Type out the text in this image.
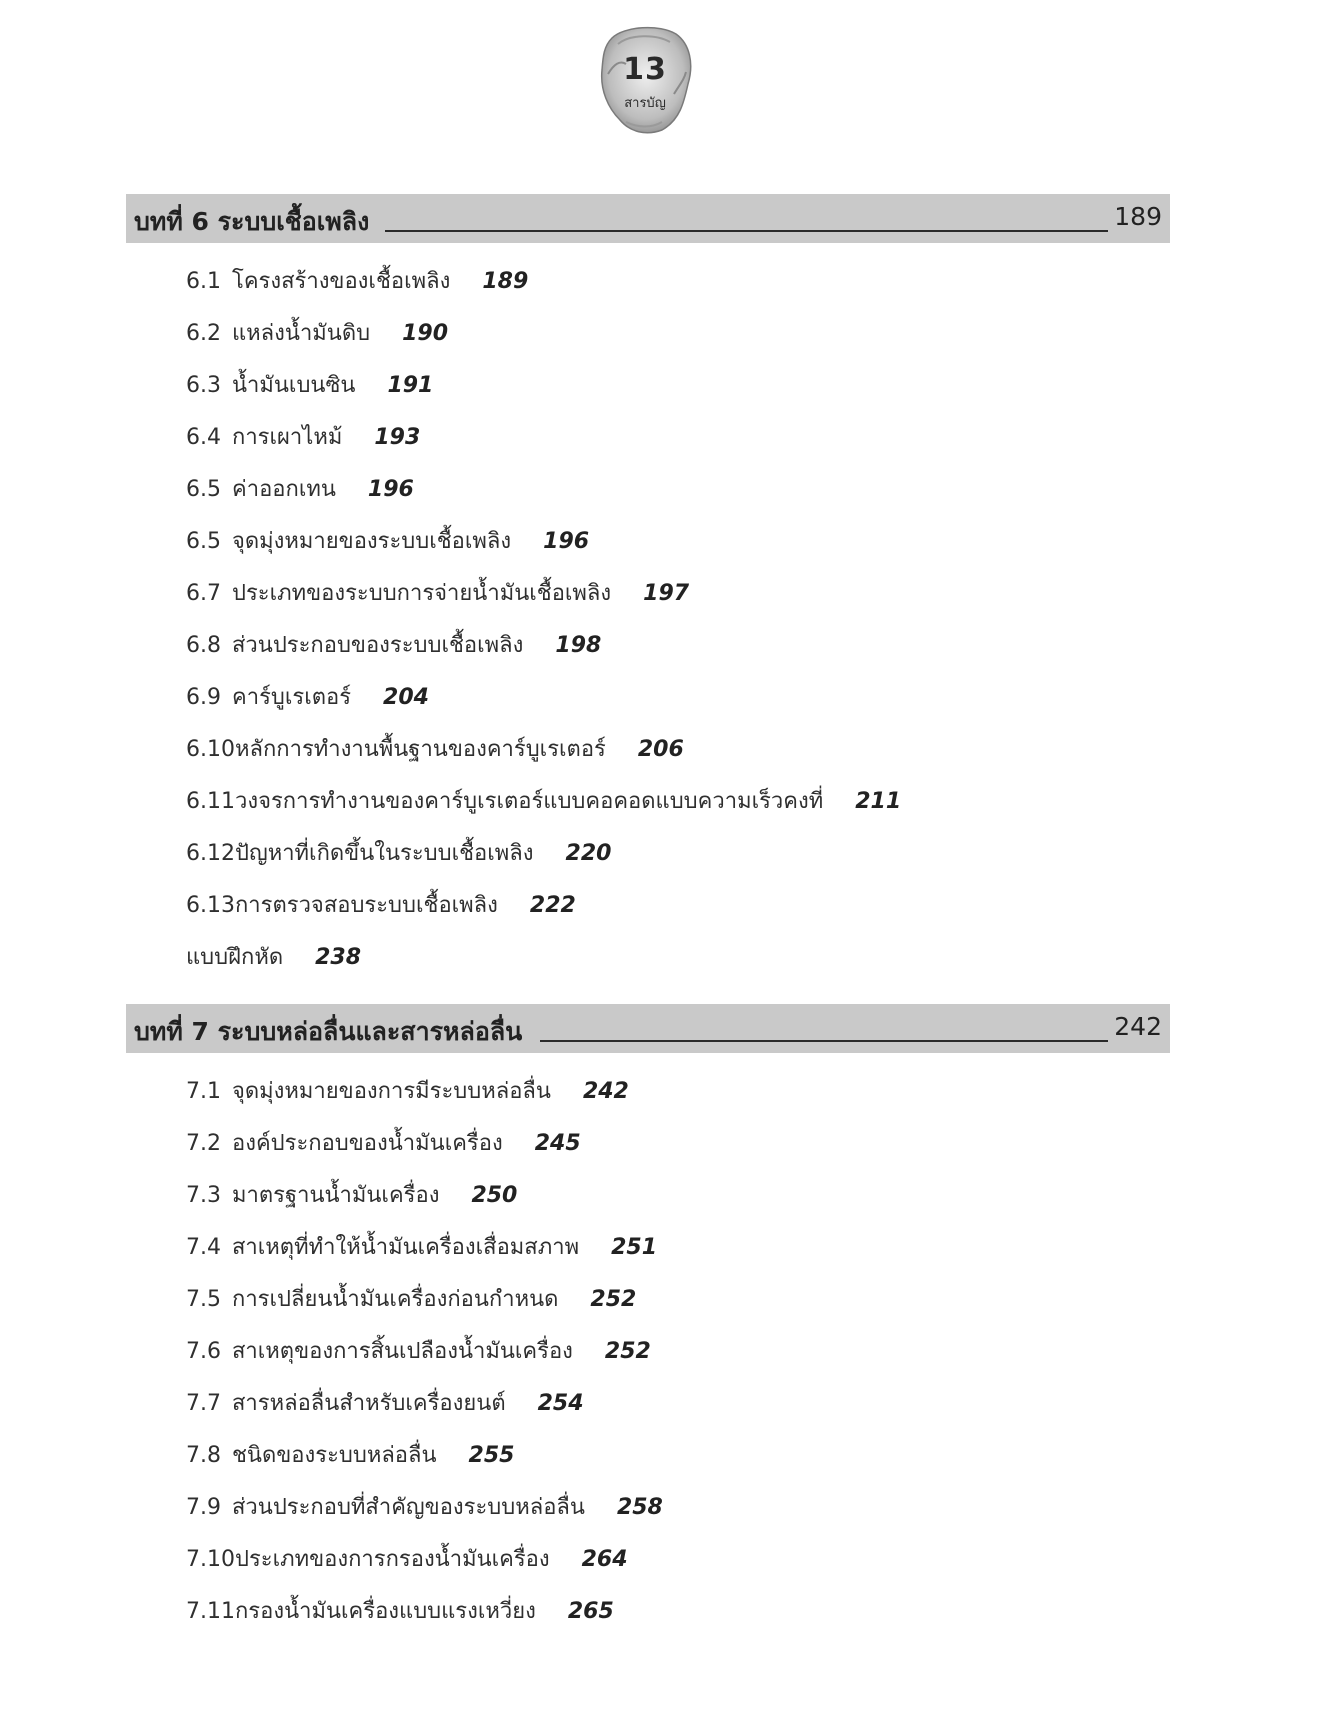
13
สารบัญ
บทที่ 6 ระบบเชื้อเพลิง	189
6.1 โครงสร้างของเชื้อเพลิง 189
6.2 แหล่งน้ำมันดิบ 190
6.3 น้ำมันเบนซิน 191
6.4 การเผาไหม้ 193
6.5 ค่าออกเทน 196
6.5 จุดมุ่งหมายของระบบเชื้อเพลิง 196
6.7 ประเภทของระบบการจ่ายน้ำมันเชื้อเพลิง 197
6.8 ส่วนประกอบของระบบเชื้อเพลิง 198
6.9 คาร์บูเรเตอร์ 204
6.10หลักการทำงานพื้นฐานของคาร์บูเรเตอร์ 206
6.11วงจรการทำงานของคาร์บูเรเตอร์แบบคอคอดแบบความเร็วคงที่ 211
6.12ปัญหาที่เกิดขึ้นในระบบเชื้อเพลิง 220
6.13การตรวจสอบระบบเชื้อเพลิง 222
แบบฝึกหัด 238
บทที่ 7 ระบบหล่อลื่นและสารหล่อลื่น	242
7.1 จุดมุ่งหมายของการมีระบบหล่อลื่น 242
7.2 องค์ประกอบของน้ำมันเครื่อง 245
7.3 มาตรฐานน้ำมันเครื่อง 250
7.4 สาเหตุที่ทำให้น้ำมันเครื่องเสื่อมสภาพ 251
7.5 การเปลี่ยนน้ำมันเครื่องก่อนกำหนด 252
7.6 สาเหตุของการสิ้นเปลืองน้ำมันเครื่อง 252
7.7 สารหล่อลื่นสำหรับเครื่องยนต์ 254
7.8 ชนิดของระบบหล่อลื่น 255
7.9 ส่วนประกอบที่สำคัญของระบบหล่อลื่น 258
7.10ประเภทของการกรองน้ำมันเครื่อง 264
7.11กรองน้ำมันเครื่องแบบแรงเหวี่ยง 265
